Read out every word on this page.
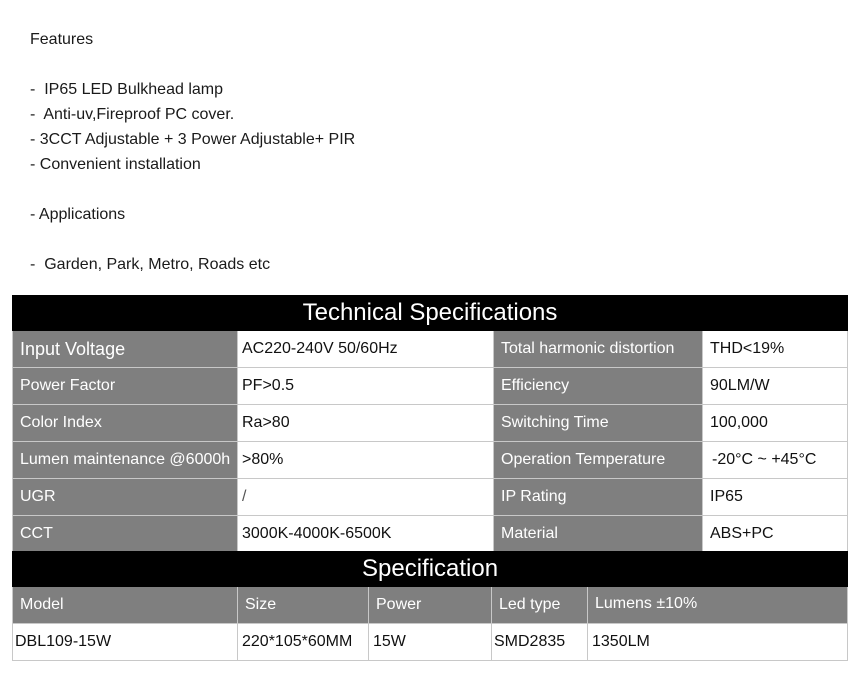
Features
-  IP65 LED Bulkhead lamp
-  Anti-uv,Fireproof PC cover.
- 3CCT Adjustable + 3 Power Adjustable+ PIR
- Convenient installation
- Applications
-  Garden, Park, Metro, Roads etc
Technical Specifications			
Input Voltage	AC220-240V 50/60Hz	Total harmonic distortion	THD<19%
Power Factor	PF>0.5	Efficiency	90LM/W
Color Index	Ra>80	Switching Time	100,000
Lumen maintenance @6000h	>80%	Operation Temperature	-20°C ~ +45°C
UGR	/	IP Rating	IP65
CCT	3000K-4000K-6500K	Material	ABS+PC
Specification				
Model	Size	Power	Led type	Lumens ±10%
DBL109-15W	220*105*60MM	15W	SMD2835	1350LM
